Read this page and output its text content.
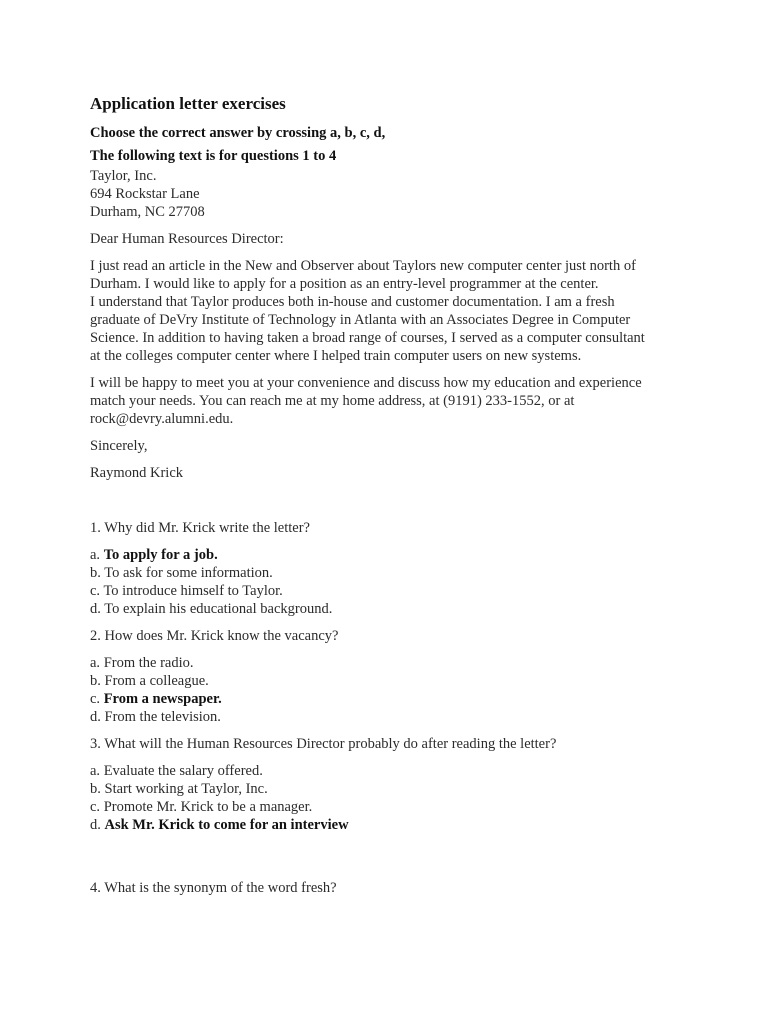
Application letter exercises
Choose the correct answer by crossing a, b, c, d,
The following text is for questions 1 to 4
Taylor, Inc.
694 Rockstar Lane
Durham, NC 27708
Dear Human Resources Director:
I just read an article in the New and Observer about Taylors new computer center just north of
Durham. I would like to apply for a position as an entry-level programmer at the center.
I understand that Taylor produces both in-house and customer documentation. I am a fresh
graduate of DeVry Institute of Technology in Atlanta with an Associates Degree in Computer
Science. In addition to having taken a broad range of courses, I served as a computer consultant
at the colleges computer center where I helped train computer users on new systems.
I will be happy to meet you at your convenience and discuss how my education and experience
match your needs. You can reach me at my home address, at (9191) 233-1552, or at
rock@devry.alumni.edu.
Sincerely,
Raymond Krick
1. Why did Mr. Krick write the letter?
a. To apply for a job.
b. To ask for some information.
c. To introduce himself to Taylor.
d. To explain his educational background.
2. How does Mr. Krick know the vacancy?
a. From the radio.
b. From a colleague.
c. From a newspaper.
d. From the television.
3. What will the Human Resources Director probably do after reading the letter?
a. Evaluate the salary offered.
b. Start working at Taylor, Inc.
c. Promote Mr. Krick to be a manager.
d. Ask Mr. Krick to come for an interview
4. What is the synonym of the word fresh?
